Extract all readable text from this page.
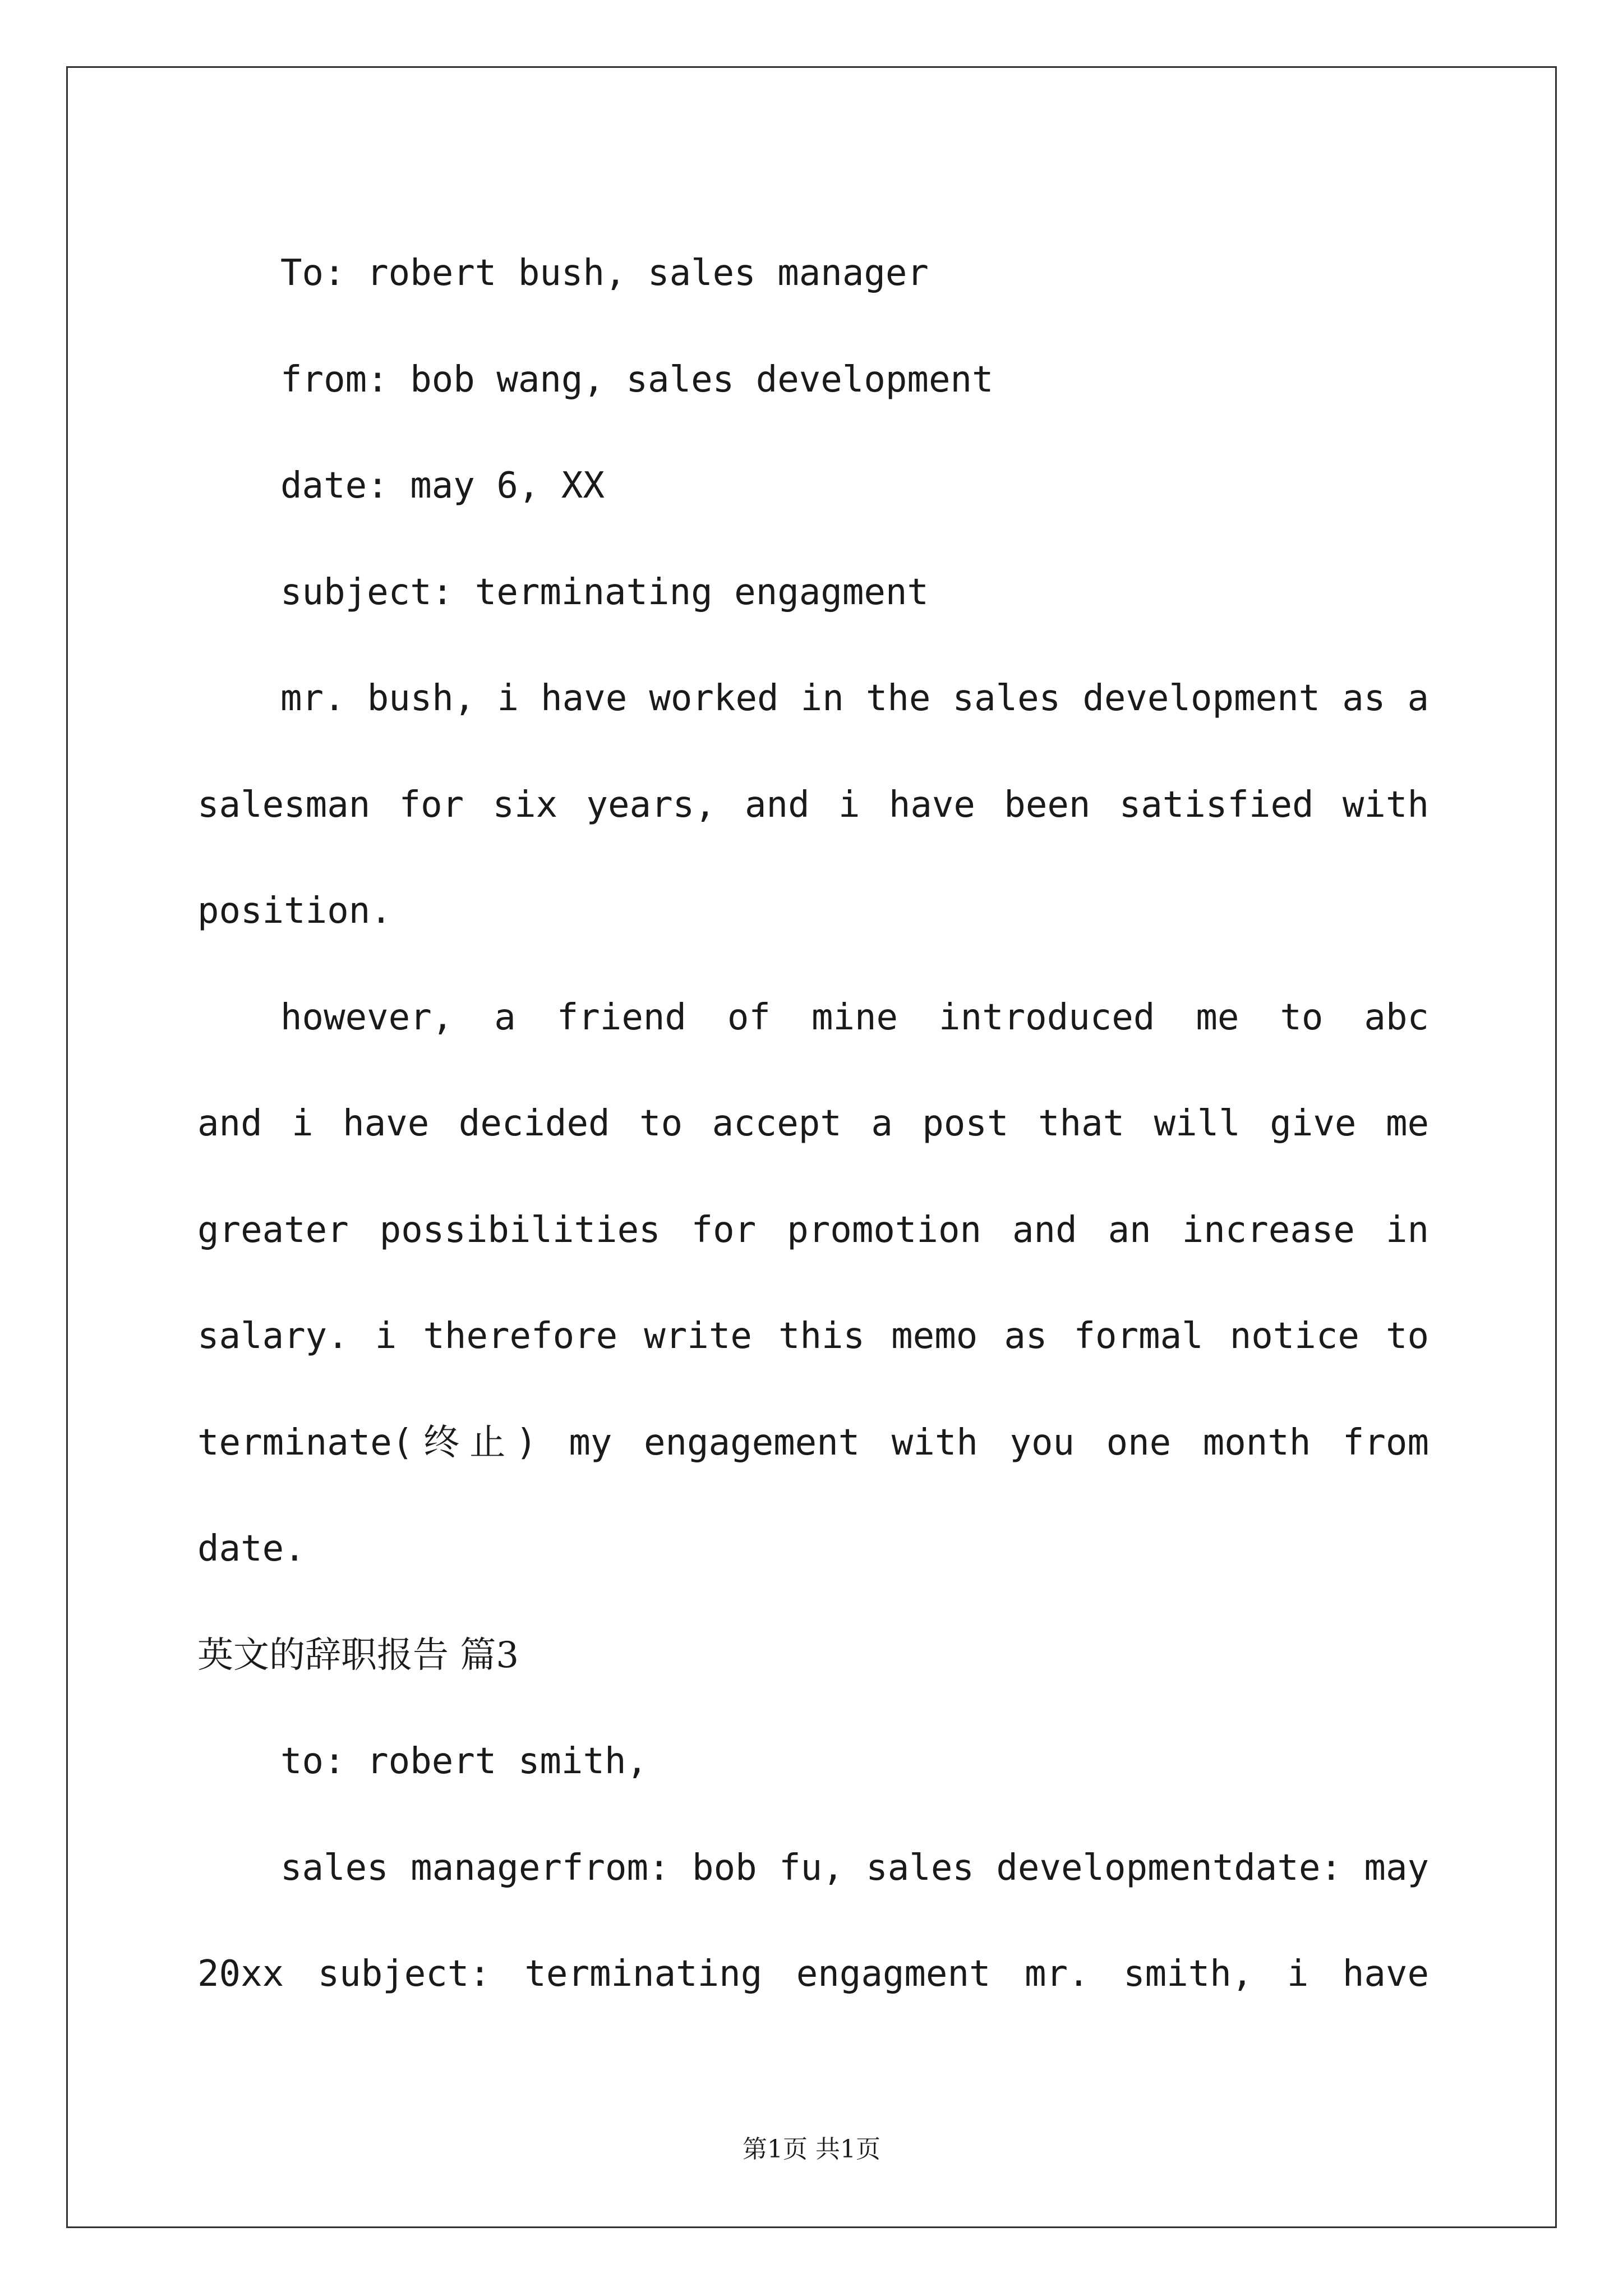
To: robert bush, sales manager
from: bob wang, sales development
date: may 6, XX
subject: terminating engagment
mr. bush, i have worked in the sales development as a
salesman for six years, and i have been satisfied with
position.
however, a friend of mine introduced me to abc
and i have decided to accept a post that will give me
greater possibilities for promotion and an increase in
salary. i therefore write this memo as formal notice to
terminate(终止) my engagement with you one month from
date.
英文的辞职报告 篇3
to: robert smith,
sales managerfrom: bob fu, sales developmentdate: may
20xx subject: terminating engagment mr. smith, i have
第1页 共1页
